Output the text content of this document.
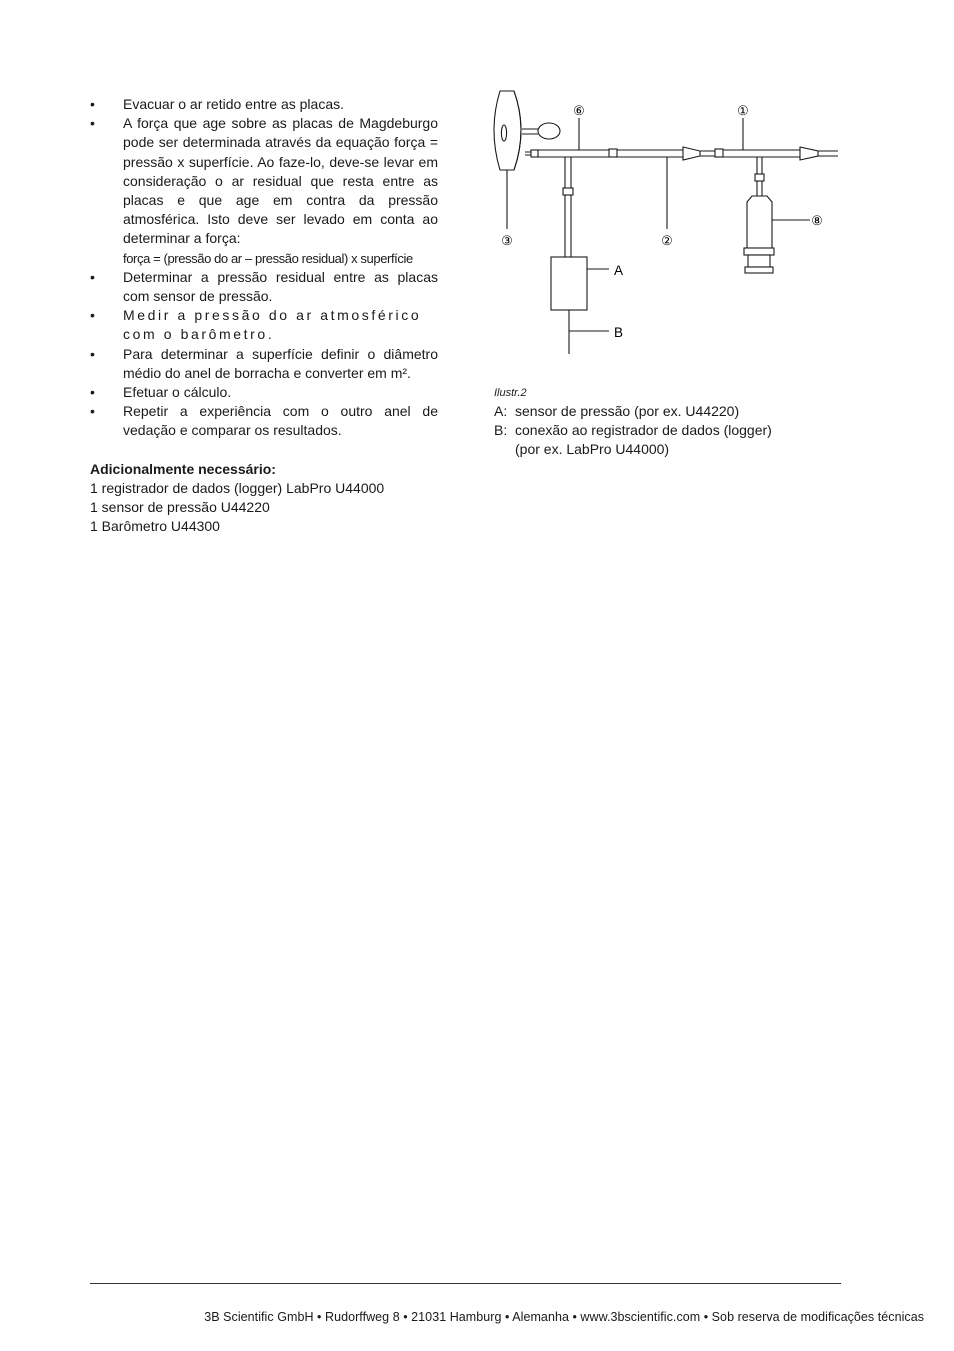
• Evacuar o ar retido entre as placas.
• A força que age sobre as placas de Magdeburgo pode ser determinada através da equação força = pressão x superfície. Ao faze-lo, deve-se levar em consideração o ar residual que resta entre as placas e que age em contra da pressão atmosférica. Isto deve ser levado em conta ao determinar a força:
força = (pressão do ar – pressão residual) x superfície
• Determinar a pressão residual entre as placas com sensor de pressão.
• Medir a pressão do ar atmosférico com o barômetro.
• Para determinar a superfície definir o diâmetro médio do anel de borracha e converter em m².
• Efetuar o cálculo.
• Repetir a experiência com o outro anel de vedação e comparar os resultados.
Adicionalmente necessário:
1 registrador de dados (logger) LabPro U44000
1 sensor de pressão U44220
1 Barômetro U44300
⑥	①
③	②
⑧
A
B
Ilustr.2
A: sensor de pressão (por ex. U44220)
B: conexão ao registrador de dados (logger) (por ex. LabPro U44000)
3B Scientific GmbH • Rudorffweg 8 • 21031 Hamburg • Alemanha • www.3bscientific.com • Sob reserva de modificações técnicas
